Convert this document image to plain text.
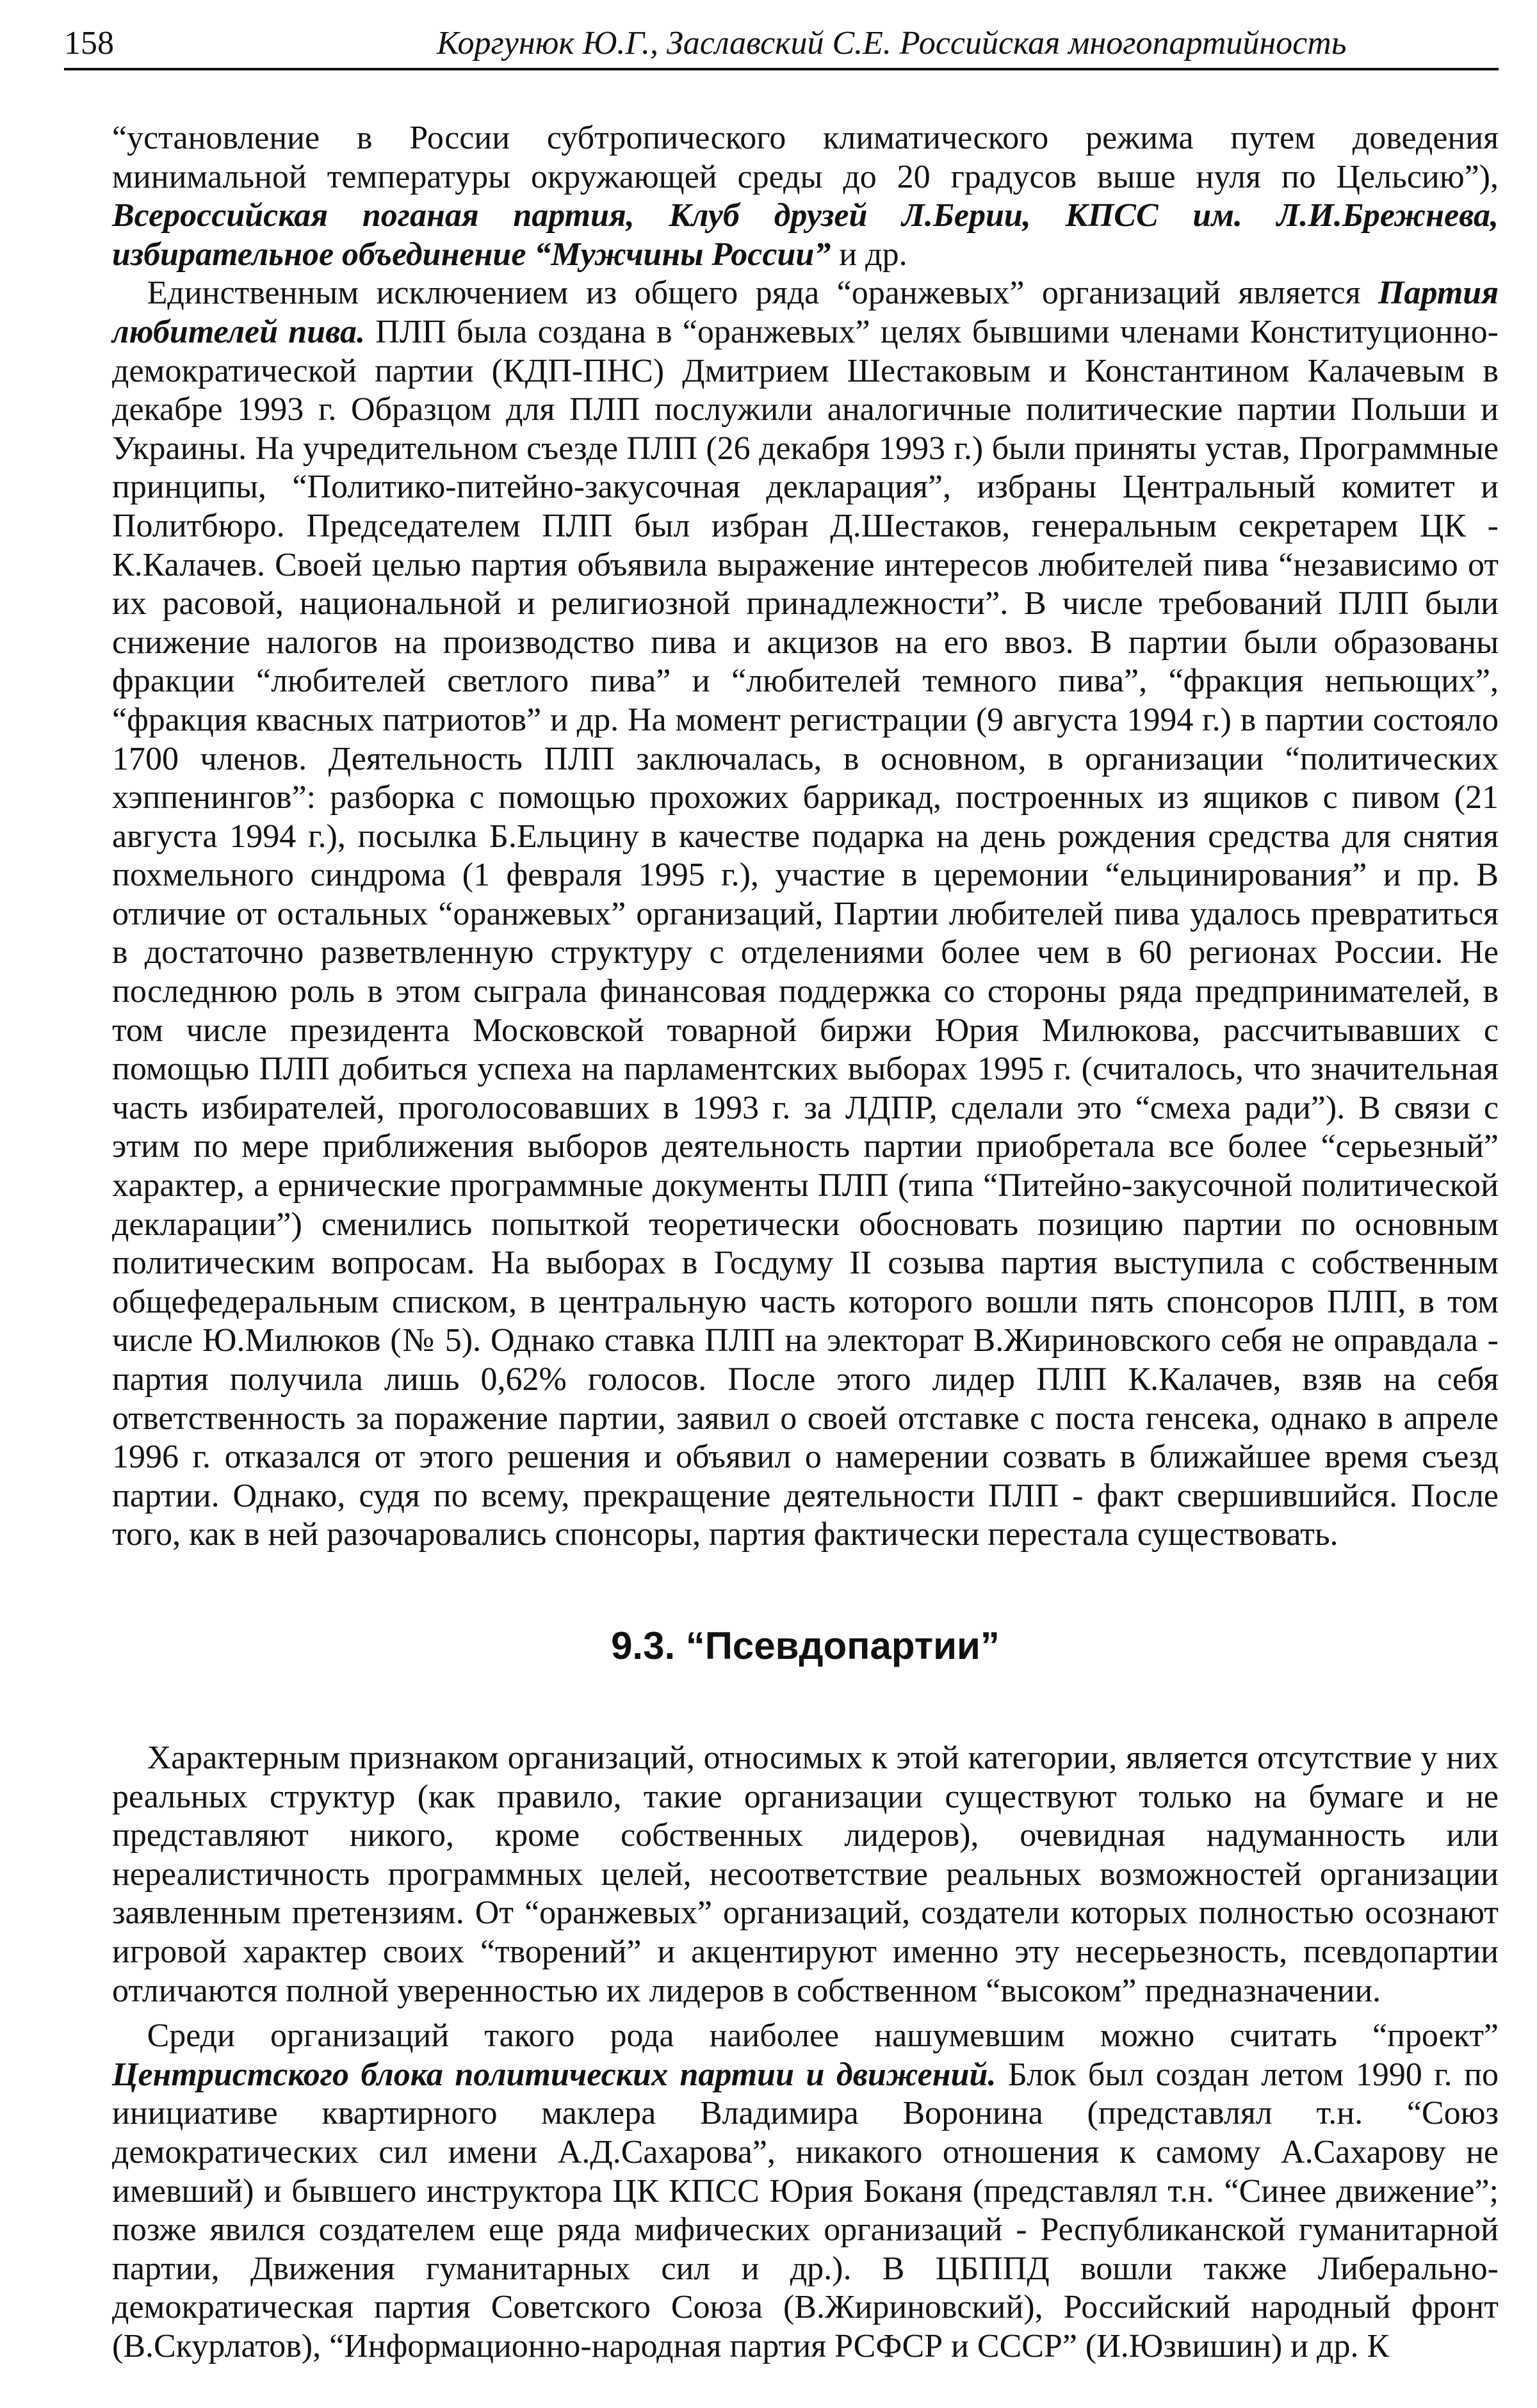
158	Коргунюк Ю.Г., Заславский С.Е. Российская многопартийность

“установление в России субтропического климатического режима путем доведения минимальной температуры окружающей среды до 20 градусов выше нуля по Цельсию”), Всероссийская поганая партия, Клуб друзей Л.Берии, КПСС им. Л.И.Брежнева, избирательное объединение “Мужчины России” и др.

Единственным исключением из общего ряда “оранжевых” организаций является Партия любителей пива. ПЛП была создана в “оранжевых” целях бывшими членами Конституционно-демократической партии (КДП-ПНС) Дмитрием Шестаковым и Константином Калачевым в декабре 1993 г. Образцом для ПЛП послужили аналогичные политические партии Польши и Украины. На учредительном съезде ПЛП (26 декабря 1993 г.) были приняты устав, Программные принципы, “Политико-питейно-закусочная декларация”, избраны Центральный комитет и Политбюро. Председателем ПЛП был избран Д.Шестаков, генеральным секретарем ЦК - К.Калачев. Своей целью партия объявила выражение интересов любителей пива “независимо от их расовой, национальной и религиозной принадлежности”. В числе требований ПЛП были снижение налогов на производство пива и акцизов на его ввоз. В партии были образованы фракции “любителей светлого пива” и “любителей темного пива”, “фракция непьющих”, “фракция квасных патриотов” и др. На момент регистрации (9 августа 1994 г.) в партии состояло 1700 членов. Деятельность ПЛП заключалась, в основном, в организации “политических хэппенингов”: разборка с помощью прохожих баррикад, построенных из ящиков с пивом (21 августа 1994 г.), посылка Б.Ельцину в качестве подарка на день рождения средства для снятия похмельного синдрома (1 февраля 1995 г.), участие в церемонии “ельцинирования” и пр. В отличие от остальных “оранжевых” организаций, Партии любителей пива удалось превратиться в достаточно разветвленную структуру с отделениями более чем в 60 регионах России. Не последнюю роль в этом сыграла финансовая поддержка со стороны ряда предпринимателей, в том числе президента Московской товарной биржи Юрия Милюкова, рассчитывавших с помощью ПЛП добиться успеха на парламентских выборах 1995 г. (считалось, что значительная часть избирателей, проголосовавших в 1993 г. за ЛДПР, сделали это “смеха ради”). В связи с этим по мере приближения выборов деятельность партии приобретала все более “серьезный” характер, а ернические программные документы ПЛП (типа “Питейно-закусочной политической декларации”) сменились попыткой теоретически обосновать позицию партии по основным политическим вопросам. На выборах в Госдуму II созыва партия выступила с собственным общефедеральным списком, в центральную часть которого вошли пять спонсоров ПЛП, в том числе Ю.Милюков (№ 5). Однако ставка ПЛП на электорат В.Жириновского себя не оправдала - партия получила лишь 0,62% голосов. После этого лидер ПЛП К.Калачев, взяв на себя ответственность за поражение партии, заявил о своей отставке с поста генсека, однако в апреле 1996 г. отказался от этого решения и объявил о намерении созвать в ближайшее время съезд партии. Однако, судя по всему, прекращение деятельности ПЛП - факт свершившийся. После того, как в ней разочаровались спонсоры, партия фактически перестала существовать.

9.3. “Псевдопартии”

Характерным признаком организаций, относимых к этой категории, является отсутствие у них реальных структур (как правило, такие организации существуют только на бумаге и не представляют никого, кроме собственных лидеров), очевидная надуманность или нереалистичность программных целей, несоответствие реальных возможностей организации заявленным претензиям. От “оранжевых” организаций, создатели которых полностью осознают игровой характер своих “творений” и акцентируют именно эту несерьезность, псевдопартии отличаются полной уверенностью их лидеров в собственном “высоком” предназначении.

Среди организаций такого рода наиболее нашумевшим можно считать “проект” Центристского блока политических партии и движений. Блок был создан летом 1990 г. по инициативе квартирного маклера Владимира Воронина (представлял т.н. “Союз демократических сил имени А.Д.Сахарова”, никакого отношения к самому А.Сахарову не имевший) и бывшего инструктора ЦК КПСС Юрия Боканя (представлял т.н. “Синее движение”; позже явился создателем еще ряда мифических организаций - Республиканской гуманитарной партии, Движения гуманитарных сил и др.). В ЦБППД вошли также Либерально-демократическая партия Советского Союза (В.Жириновский), Российский народный фронт (В.Скурлатов), “Информационно-народная партия РСФСР и СССР” (И.Юзвишин) и др. К
